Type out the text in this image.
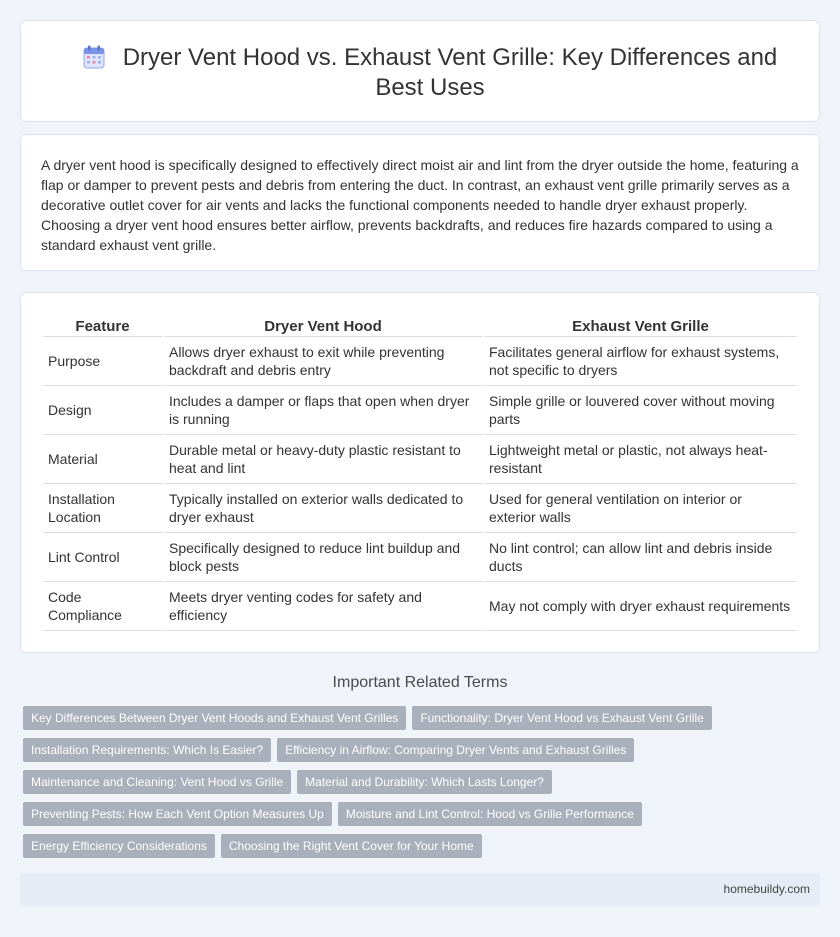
Dryer Vent Hood vs. Exhaust Vent Grille: Key Differences and Best Uses

A dryer vent hood is specifically designed to effectively direct moist air and lint from the dryer outside the home, featuring a flap or damper to prevent pests and debris from entering the duct. In contrast, an exhaust vent grille primarily serves as a decorative outlet cover for air vents and lacks the functional components needed to handle dryer exhaust properly. Choosing a dryer vent hood ensures better airflow, prevents backdrafts, and reduces fire hazards compared to using a standard exhaust vent grille.

Feature	Dryer Vent Hood	Exhaust Vent Grille
Purpose	Allows dryer exhaust to exit while preventing backdraft and debris entry	Facilitates general airflow for exhaust systems, not specific to dryers
Design	Includes a damper or flaps that open when dryer is running	Simple grille or louvered cover without moving parts
Material	Durable metal or heavy-duty plastic resistant to heat and lint	Lightweight metal or plastic, not always heat-resistant
Installation Location	Typically installed on exterior walls dedicated to dryer exhaust	Used for general ventilation on interior or exterior walls
Lint Control	Specifically designed to reduce lint buildup and block pests	No lint control; can allow lint and debris inside ducts
Code Compliance	Meets dryer venting codes for safety and efficiency	May not comply with dryer exhaust requirements
Important Related Terms
Key Differences Between Dryer Vent Hoods and Exhaust Vent Grilles Functionality: Dryer Vent Hood vs Exhaust Vent Grille
Installation Requirements: Which Is Easier? Efficiency in Airflow: Comparing Dryer Vents and Exhaust Grilles
Maintenance and Cleaning: Vent Hood vs Grille Material and Durability: Which Lasts Longer?
Preventing Pests: How Each Vent Option Measures Up Moisture and Lint Control: Hood vs Grille Performance
Energy Efficiency Considerations Choosing the Right Vent Cover for Your Home
homebuildy.com
